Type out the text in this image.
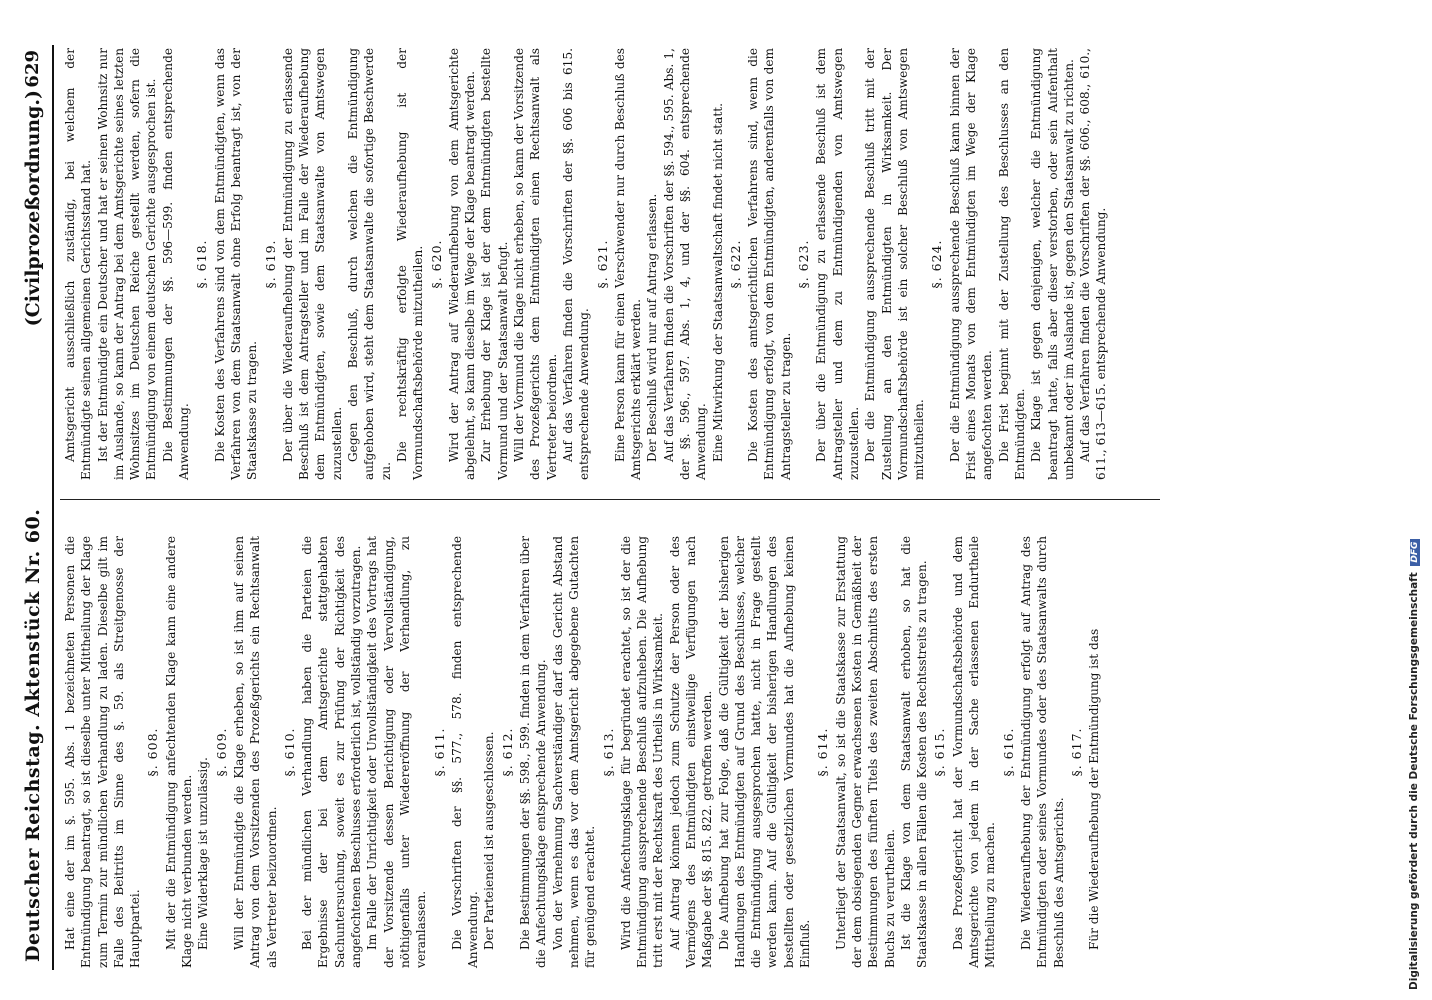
Deutscher Reichstag. Aktenstück Nr. 60.
(Civilprozeßordnung.)
629

Hat eine der im §. 595. Abs. 1 bezeichneten Personen die Entmündigung beantragt, so ist dieselbe unter Mittheilung der Klage zum Termin zur mündlichen Verhandlung zu laden. Dieselbe gilt im Falle des Beitritts im Sinne des §. 59. als Streitgenosse der Hauptpartei.

§. 608. Mit der die Entmündigung anfechtenden Klage kann eine andere Klage nicht verbunden werden. Eine Widerklage ist unzulässig.

§. 609. Will der Entmündigte die Klage erheben, so ist ihm auf seinen Antrag von dem Vorsitzenden des Prozeßgerichts ein Rechtsanwalt als Vertreter beizuordnen.

§. 610. Bei der mündlichen Verhandlung haben die Parteien die Ergebnisse der bei dem Amtsgerichte stattgehabten Sachuntersuchung, soweit es zur Prüfung der Richtigkeit des angefochtenen Beschlusses erforderlich ist, vollständig vorzutragen. Im Falle der Unrichtigkeit oder Unvollständigkeit des Vortrags hat der Vorsitzende dessen Berichtigung oder Vervollständigung, nöthigenfalls unter Wiedereröffnung der Verhandlung, zu veranlassen.

§. 611. Die Vorschriften der §§. 577., 578. finden entsprechende Anwendung. Der Parteieneid ist ausgeschlossen. §. 612. Die Bestimmungen der §§. 598., 599. finden in dem Verfahren über die Anfechtungsklage entsprechende Anwendung. Von der Vernehmung Sachverständiger darf das Gericht Abstand nehmen, wenn es das vor dem Amtsgericht abgegebene Gutachten für genügend erachtet.

§. 613. Wird die Anfechtungsklage für begründet erachtet, so ist der die Entmündigung aussprechende Beschluß aufzuheben. Die Aufhebung tritt erst mit der Rechtskraft des Urtheils in Wirksamkeit. Auf Antrag können jedoch zum Schutze der Person oder des Vermögens des Entmündigten einstweilige Verfügungen nach Maßgabe der §§. 815. 822. getroffen werden. Die Aufhebung hat zur Folge, daß die Gültigkeit der bisherigen Handlungen des Entmündigten auf Grund des Beschlusses, welcher die Entmündigung ausgesprochen hatte, nicht in Frage gestellt werden kann. Auf die Gültigkeit der bisherigen Handlungen des bestellten oder gesetzlichen Vormundes hat die Aufhebung keinen Einfluß.

§. 614. Unterliegt der Staatsanwalt, so ist die Staatskasse zur Erstattung der dem obsiegenden Gegner erwachsenen Kosten in Gemäßheit der Bestimmungen des fünften Titels des zweiten Abschnitts des ersten Buchs zu verurtheilen. Ist die Klage von dem Staatsanwalt erhoben, so hat die Staatskasse in allen Fällen die Kosten des Rechtsstreits zu tragen. §. 615. Das Prozeßgericht hat der Vormundschaftsbehörde und dem Amtsgerichte von jedem in der Sache erlassenen Endurtheile Mittheilung zu machen.

§. 616. Die Wiederaufhebung der Entmündigung erfolgt auf Antrag des Entmündigten oder seines Vormundes oder des Staatsanwalts durch Beschluß des Amtsgerichts.

§. 617. Für die Wiederaufhebung der Entmündigung ist das

Amtsgericht ausschließlich zuständig, bei welchem der Entmündigte seinen allgemeinen Gerichtsstand hat. Ist der Entmündigte ein Deutscher und hat er seinen Wohnsitz nur im Auslande, so kann der Antrag bei dem Amtsgerichte seines letzten Wohnsitzes im Deutschen Reiche gestellt werden, sofern die Entmündigung von einem deutschen Gerichte ausgesprochen ist. Die Bestimmungen der §§. 596—599. finden entsprechende Anwendung.

§. 618. Die Kosten des Verfahrens sind von dem Entmündigten, wenn das Verfahren von dem Staatsanwalt ohne Erfolg beantragt ist, von der Staatskasse zu tragen.

§. 619. Der über die Wiederaufhebung der Entmündigung zu erlassende Beschluß ist dem Antragsteller und im Falle der Wiederaufhebung dem Entmündigten, sowie dem Staatsanwalte von Amtswegen zuzustellen. Gegen den Beschluß, durch welchen die Entmündigung aufgehoben wird, steht dem Staatsanwalte die sofortige Beschwerde zu.

Die rechtskräftig erfolgte Wiederaufhebung ist der Vormundschaftsbehörde mitzutheilen. §. 620. Wird der Antrag auf Wiederaufhebung von dem Amtsgerichte abgelehnt, so kann dieselbe im Wege der Klage beantragt werden. Zur Erhebung der Klage ist der dem Entmündigten bestellte Vormund und der Staatsanwalt befugt. Will der Vormund die Klage nicht erheben, so kann der Vorsitzende des Prozeßgerichts dem Entmündigten einen Rechtsanwalt als Vertreter beiordnen. Auf das Verfahren finden die Vorschriften der §§. 606 bis 615. entsprechende Anwendung.

§. 621. Eine Person kann für einen Verschwender nur durch Beschluß des Amtsgerichts erklärt werden. Der Beschluß wird nur auf Antrag erlassen. Auf das Verfahren finden die Vorschriften der §§. 594., 595. Abs. 1, der §§. 596., 597. Abs. 1, 4, und der §§. 604. entsprechende Anwendung. Eine Mitwirkung der Staatsanwaltschaft findet nicht statt. §. 622. Die Kosten des amtsgerichtlichen Verfahrens sind, wenn die Entmündigung erfolgt, von dem Entmündigten, anderenfalls von dem Antragsteller zu tragen.

§. 623. Der über die Entmündigung zu erlassende Beschluß ist dem Antragsteller und dem zu Entmündigenden von Amtswegen zuzustellen. Der die Entmündigung aussprechende Beschluß tritt mit der Zustellung an den Entmündigten in Wirksamkeit. Der Vormundschaftsbehörde ist ein solcher Beschluß von Amtswegen mitzutheilen.

§. 624. Der die Entmündigung aussprechende Beschluß kann binnen der Frist eines Monats von dem Entmündigten im Wege der Klage angefochten werden. Die Frist beginnt mit der Zustellung des Beschlusses an den Entmündigten. Die Klage ist gegen denjenigen, welcher die Entmündigung beantragt hatte, falls aber dieser verstorben, oder sein Aufenthalt unbekannt oder im Auslande ist, gegen den Staatsanwalt zu richten. Auf das Verfahren finden die Vorschriften der §§. 606., 608., 610., 611., 613—615. entsprechende Anwendung.

Digitalisierung gefördert durch die Deutsche Forschungsgemeinschaft DFG
